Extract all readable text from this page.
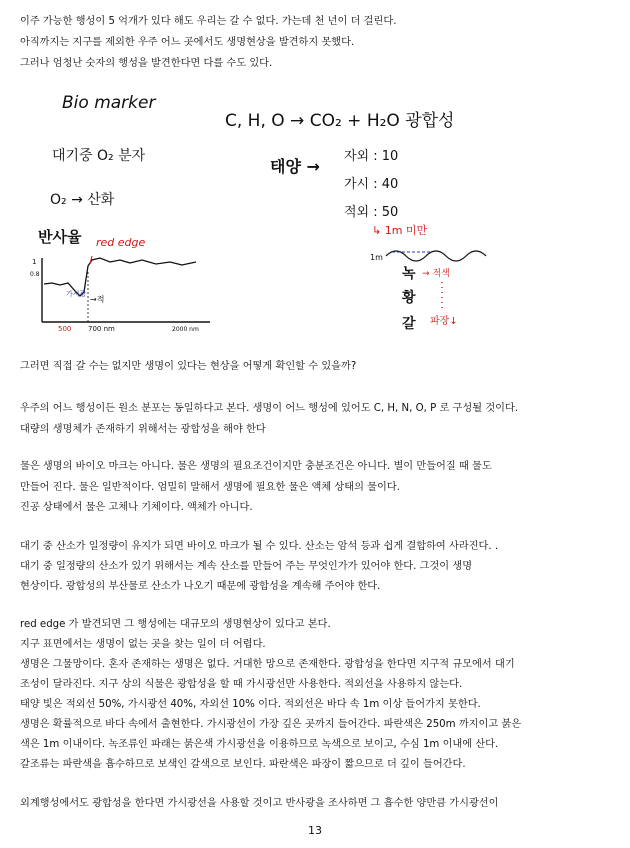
이주 가능한 행성이 5 억개가 있다 해도 우리는 갈 수 없다. 가는데 천 년이 더 걸린다.
아직까지는 지구를 제외한 우주 어느 곳에서도 생명현상을 발견하지 못했다.
그러나 엄청난 숫자의 행성을 발견한다면 다를 수도 있다.
Bio marker
대기중 O₂ 분자
O₂ → 산화
반사율
1
0.8
red edge
가시광
→적
500 700 nm	2000 nm
C, H, O → CO₂ + H₂O 광합성
태양 →
자외 : 10
가시 : 40
적외 : 50
↳ 1m 미만
1m
녹 → 적색
황
갈 파장↓
그러면 직접 갈 수는 없지만 생명이 있다는 현상을 어떻게 확인할 수 있을까?
우주의 어느 행성이든 원소 분포는 동일하다고 본다. 생명이 어느 행성에 있어도 C, H, N, O, P 로 구성될 것이다.
대량의 생명체가 존재하기 위해서는 광합성을 해야 한다
물은 생명의 바이오 마크는 아니다. 물은 생명의 필요조건이지만 충분조건은 아니다. 별이 만들어질 때 물도
만들어 진다. 물은 일반적이다. 엄밀히 말해서 생명에 필요한 물은 액체 상태의 물이다.
진공 상태에서 물은 고체나 기체이다. 액체가 아니다.
대기 중 산소가 일정량이 유지가 되면 바이오 마크가 될 수 있다. 산소는 암석 등과 쉽게 결합하여 사라진다. .
대기 중 일정량의 산소가 있기 위해서는 계속 산소를 만들어 주는 무엇인가가 있어야 한다. 그것이 생명
현상이다. 광합성의 부산물로 산소가 나오기 때문에 광합성을 계속해 주어야 한다.
red edge 가 발견되면 그 행성에는 대규모의 생명현상이 있다고 본다.
지구 표면에서는 생명이 없는 곳을 찾는 일이 더 어렵다.
생명은 그물망이다. 혼자 존재하는 생명은 없다. 거대한 망으로 존재한다. 광합성을 한다면 지구적 규모에서 대기
조성이 달라진다. 지구 상의 식물은 광합성을 할 때 가시광선만 사용한다. 적외선을 사용하지 않는다.
태양 빛은 적외선 50%, 가시광선 40%, 자외선 10% 이다. 적외선은 바다 속 1m 이상 들어가지 못한다.
생명은 확률적으로 바다 속에서 출현한다. 가시광선이 가장 깊은 곳까지 들어간다. 파란색은 250m 까지이고 붉은
색은 1m 이내이다. 녹조류인 파래는 붉은색 가시광선을 이용하므로 녹색으로 보이고, 수심 1m 이내에 산다.
갈조류는 파란색을 흡수하므로 보색인 갈색으로 보인다. 파란색은 파장이 짧으므로 더 깊이 들어간다.
외계행성에서도 광합성을 한다면 가시광선을 사용할 것이고 반사광을 조사하면 그 흡수한 양만큼 가시광선이
13
